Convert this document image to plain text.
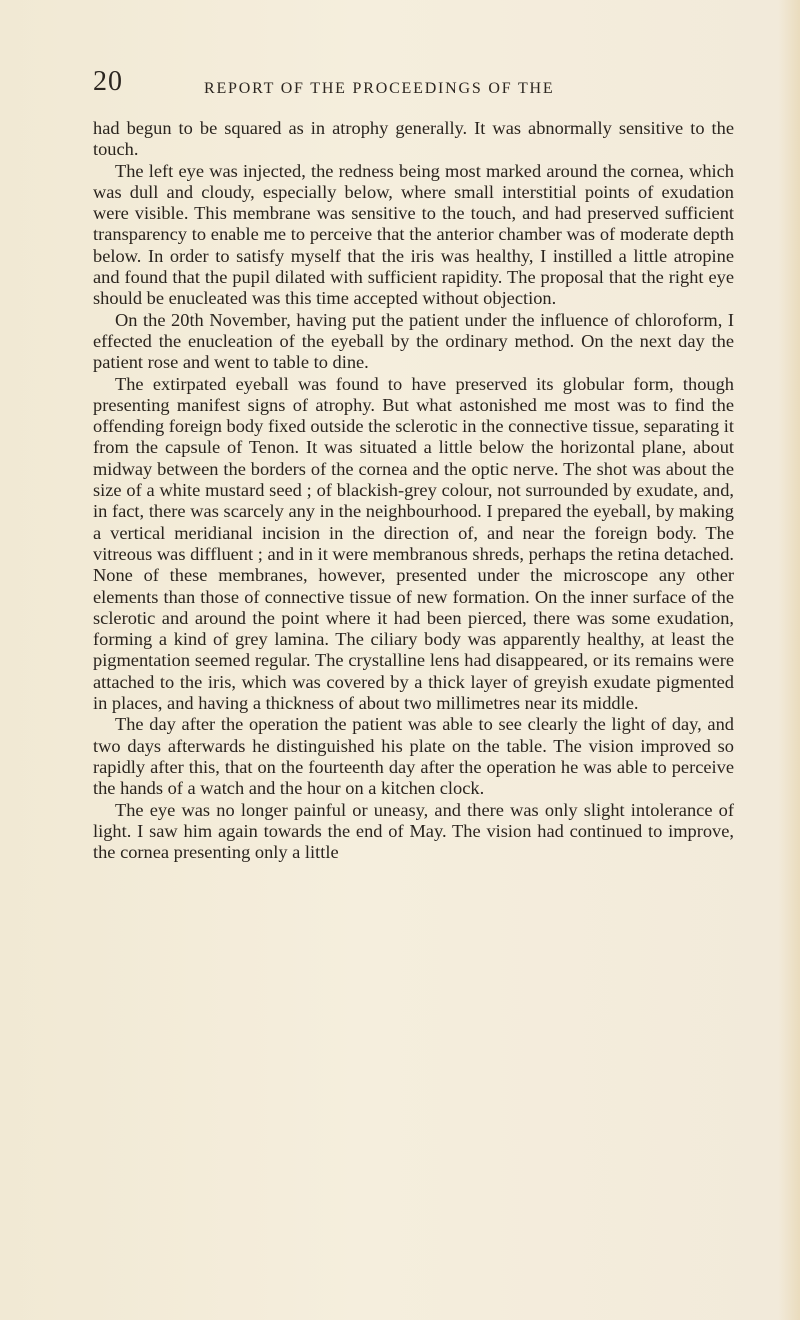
20	REPORT OF THE PROCEEDINGS OF THE

had begun to be squared as in atrophy generally. It was abnormally sensitive to the touch.

The left eye was injected, the redness being most marked around the cornea, which was dull and cloudy, especially below, where small interstitial points of exudation were visible. This membrane was sensitive to the touch, and had preserved sufficient transparency to enable me to perceive that the anterior chamber was of moderate depth below. In order to satisfy myself that the iris was healthy, I instilled a little atropine and found that the pupil dilated with sufficient rapidity. The proposal that the right eye should be enucleated was this time accepted without objection.

On the 20th November, having put the patient under the influence of chloroform, I effected the enucleation of the eyeball by the ordinary method. On the next day the patient rose and went to table to dine.

The extirpated eyeball was found to have preserved its globular form, though presenting manifest signs of atrophy. But what astonished me most was to find the offending foreign body fixed outside the sclerotic in the connective tissue, separating it from the capsule of Tenon. It was situated a little below the horizontal plane, about midway between the borders of the cornea and the optic nerve. The shot was about the size of a white mustard seed ; of blackish-grey colour, not surrounded by exudate, and, in fact, there was scarcely any in the neighbourhood. I prepared the eyeball, by making a vertical meridianal incision in the direction of, and near the foreign body. The vitreous was diffluent ; and in it were membranous shreds, perhaps the retina detached. None of these membranes, however, presented under the microscope any other elements than those of connective tissue of new formation. On the inner surface of the sclerotic and around the point where it had been pierced, there was some exudation, forming a kind of grey lamina. The ciliary body was apparently healthy, at least the pigmentation seemed regular. The crystalline lens had disappeared, or its remains were attached to the iris, which was covered by a thick layer of greyish exudate pigmented in places, and having a thickness of about two millimetres near its middle.

The day after the operation the patient was able to see clearly the light of day, and two days afterwards he distinguished his plate on the table. The vision improved so rapidly after this, that on the fourteenth day after the operation he was able to perceive the hands of a watch and the hour on a kitchen clock.

The eye was no longer painful or uneasy, and there was only slight intolerance of light. I saw him again towards the end of May. The vision had continued to improve, the cornea presenting only a little
